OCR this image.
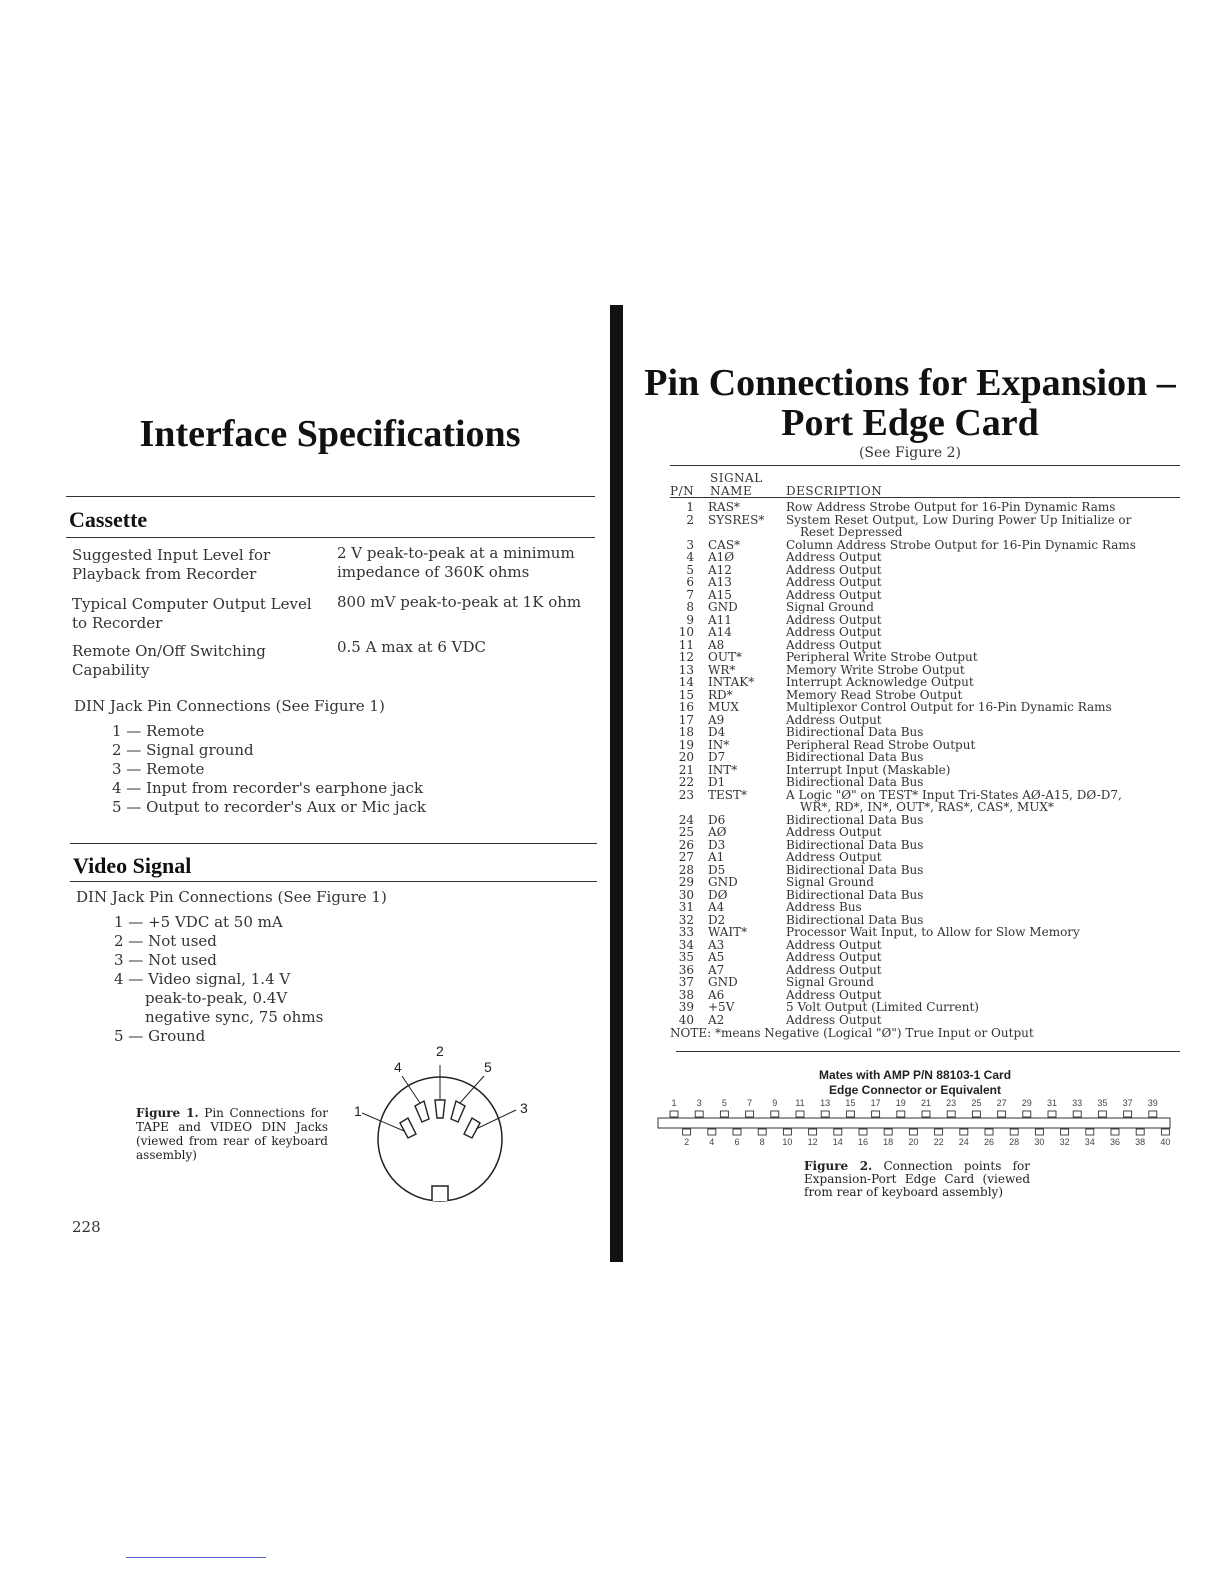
Interface Specifications
Cassette
Suggested Input Level for Playback from Recorder
2 V peak-to-peak at a minimum impedance of 360K ohms
Typical Computer Output Level to Recorder
800 mV peak-to-peak at 1K ohm
Remote On/Off Switching Capability
0.5 A max at 6 VDC
DIN Jack Pin Connections (See Figure 1)
1 — Remote
2 — Signal ground
3 — Remote
4 — Input from recorder's earphone jack
5 — Output to recorder's Aux or Mic jack
Video Signal
DIN Jack Pin Connections (See Figure 1)
1 — +5 VDC at 50 mA
2 — Not used
3 — Not used
4 — Video signal, 1.4 V
peak-to-peak, 0.4V
negative sync, 75 ohms
5 — Ground
1
2
3
4	5
Figure 1. Pin Connections for TAPE and VIDEO DIN Jacks (viewed from rear of keyboard assembly)
228
Pin Connections for Expansion –
Port Edge Card
(See Figure 2)
SIGNAL
P/N NAME	DESCRIPTION
1 RAS*	Row Address Strobe Output for 16-Pin Dynamic Rams
2 SYSRES*	System Reset Output, Low During Power Up Initialize or
Reset Depressed
3 CAS*	Column Address Strobe Output for 16-Pin Dynamic Rams
4 A1Ø	Address Output
5 A12	Address Output
6 A13	Address Output
7 A15	Address Output
8 GND	Signal Ground
9 A11	Address Output
10 A14	Address Output
11 A8	Address Output
12 OUT*	Peripheral Write Strobe Output
13 WR*	Memory Write Strobe Output
14 INTAK*	Interrupt Acknowledge Output
15 RD*	Memory Read Strobe Output
16 MUX	Multiplexor Control Output for 16-Pin Dynamic Rams
17 A9	Address Output
18 D4	Bidirectional Data Bus
19 IN*	Peripheral Read Strobe Output
20 D7	Bidirectional Data Bus
21 INT*	Interrupt Input (Maskable)
22 D1	Bidirectional Data Bus
23 TEST*	A Logic "Ø" on TEST* Input Tri-States AØ-A15, DØ-D7,
WR*, RD*, IN*, OUT*, RAS*, CAS*, MUX*
24 D6	Bidirectional Data Bus
25 AØ	Address Output
26 D3	Bidirectional Data Bus
27 A1	Address Output
28 D5	Bidirectional Data Bus
29 GND	Signal Ground
30 DØ	Bidirectional Data Bus
31 A4	Address Bus
32 D2	Bidirectional Data Bus
33 WAIT*	Processor Wait Input, to Allow for Slow Memory
34 A3	Address Output
35 A5	Address Output
36 A7	Address Output
37 GND	Signal Ground
38 A6	Address Output
39 +5V	5 Volt Output (Limited Current)
40 A2	Address Output
NOTE: *means Negative (Logical "Ø") True Input or Output
Mates with AMP P/N 88103-1 Card
Edge Connector or Equivalent
1
2
3
4
5
6
7
8
9
10
11
12
13
14
15
16
17
18
19
20
21
22
23
24
25
26
27
28
29
30
31
32
33
34
35
36
37
38
39
40
Figure 2. Connection points for Expansion-Port Edge Card (viewed from rear of keyboard assembly)
